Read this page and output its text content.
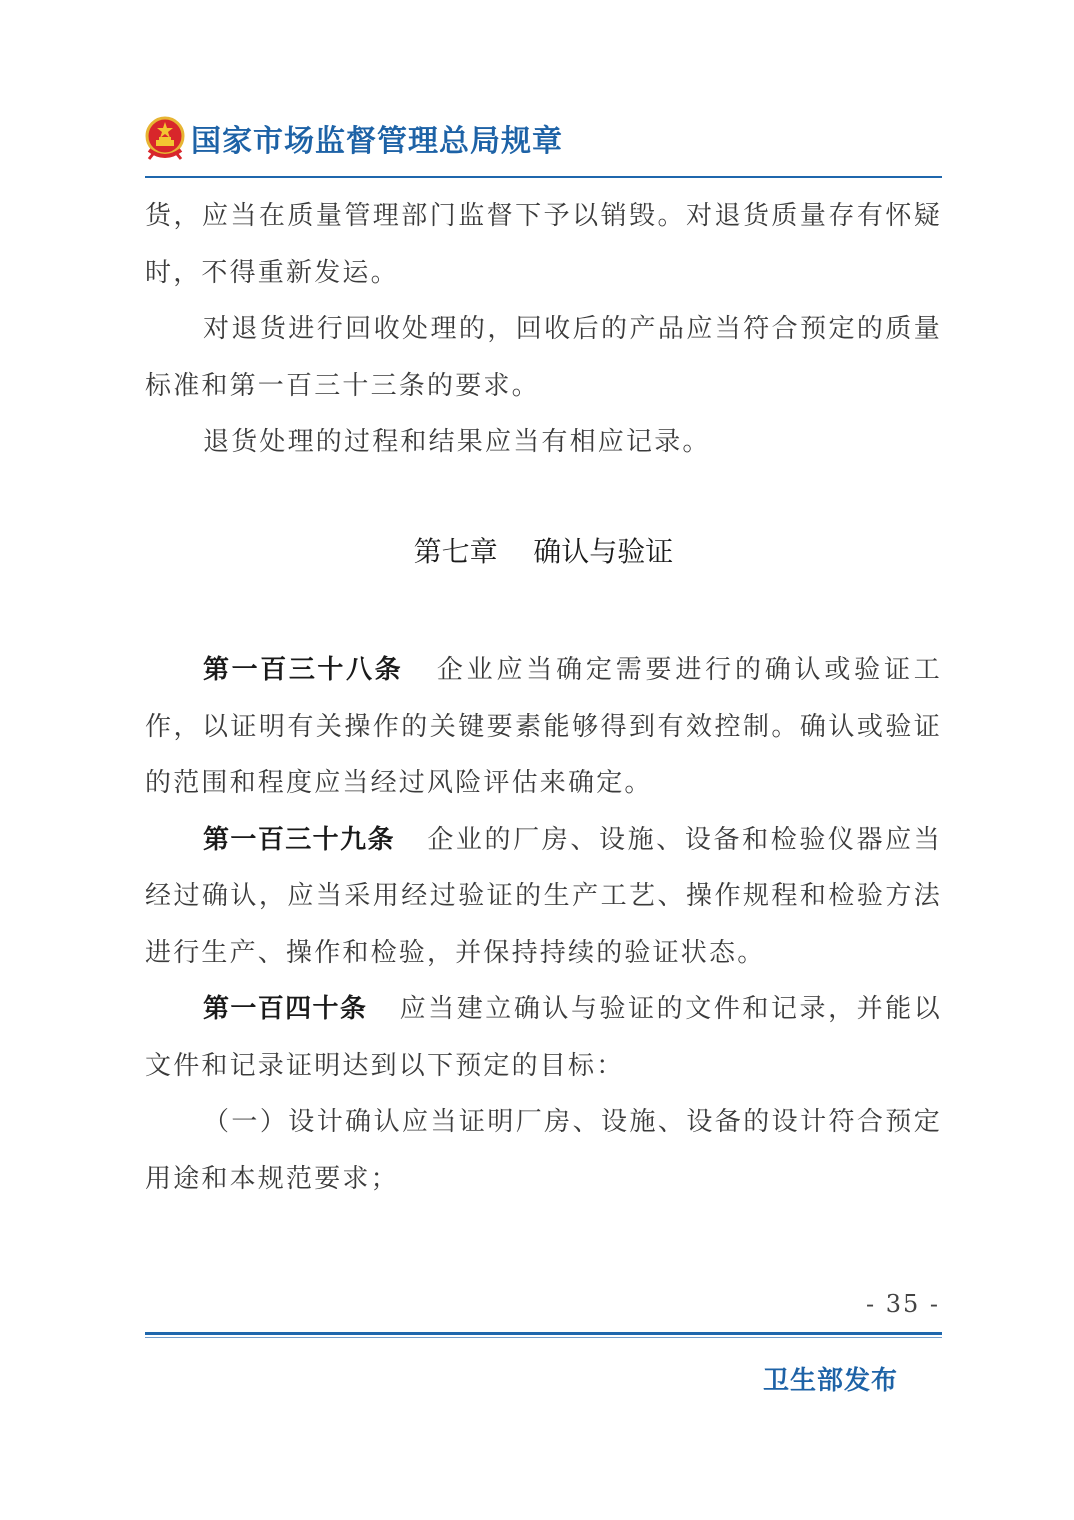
国家市场监督管理总局规章

货，应当在质量管理部门监督下予以销毁。对退货质量存有怀疑时，不得重新发运。

对退货进行回收处理的，回收后的产品应当符合预定的质量标准和第一百三十三条的要求。

退货处理的过程和结果应当有相应记录。

第七章 确认与验证

第一百三十八条 企业应当确定需要进行的确认或验证工作，以证明有关操作的关键要素能够得到有效控制。确认或验证的范围和程度应当经过风险评估来确定。

第一百三十九条 企业的厂房、设施、设备和检验仪器应当经过确认，应当采用经过验证的生产工艺、操作规程和检验方法进行生产、操作和检验，并保持持续的验证状态。

第一百四十条 应当建立确认与验证的文件和记录，并能以文件和记录证明达到以下预定的目标：

（一）设计确认应当证明厂房、设施、设备的设计符合预定用途和本规范要求；

- 35 -
卫生部发布
